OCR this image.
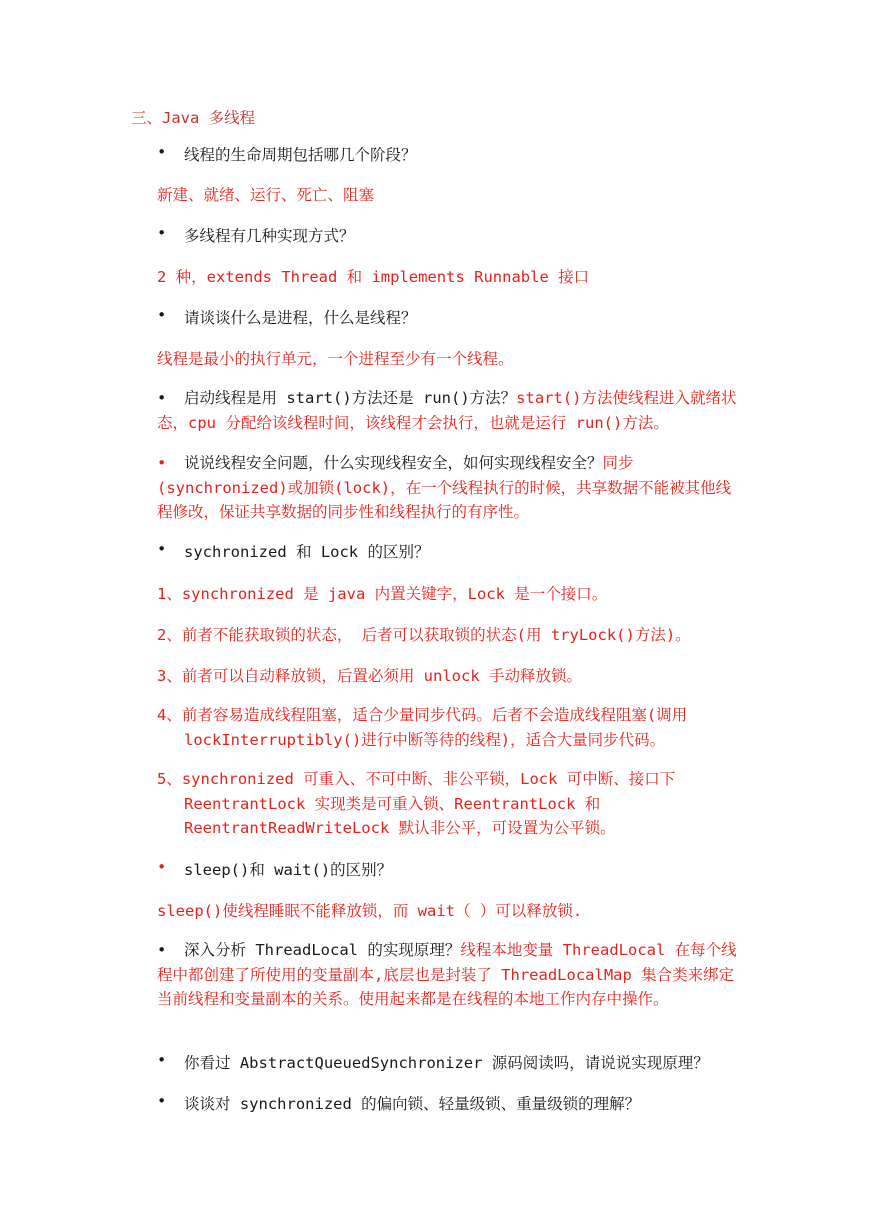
三、Java 多线程
• 线程的生命周期包括哪几个阶段？
新建、就绪、运行、死亡、阻塞
• 多线程有几种实现方式？
2 种，extends Thread 和 implements Runnable 接口
• 请谈谈什么是进程，什么是线程？
线程是最小的执行单元，一个进程至少有一个线程。
• 启动线程是用 start()方法还是 run()方法？start()方法使线程进入就绪状态，cpu 分配给该线程时间，该线程才会执行，也就是运行 run()方法。
• 说说线程安全问题，什么实现线程安全，如何实现线程安全？同步(synchronized)或加锁(lock)，在一个线程执行的时候，共享数据不能被其他线程修改，保证共享数据的同步性和线程执行的有序性。
• sychronized 和 Lock 的区别？
1、synchronized 是 java 内置关键字，Lock 是一个接口。
2、前者不能获取锁的状态， 后者可以获取锁的状态(用 tryLock()方法)。
3、前者可以自动释放锁，后置必须用 unlock 手动释放锁。
4、前者容易造成线程阻塞，适合少量同步代码。后者不会造成线程阻塞(调用 lockInterruptibly()进行中断等待的线程)，适合大量同步代码。
5、synchronized 可重入、不可中断、非公平锁，Lock 可中断、接口下 ReentrantLock 实现类是可重入锁、ReentrantLock 和 ReentrantReadWriteLock 默认非公平，可设置为公平锁。
• sleep()和 wait()的区别？
sleep()使线程睡眠不能释放锁，而 wait（ ）可以释放锁.
• 深入分析 ThreadLocal 的实现原理？线程本地变量 ThreadLocal 在每个线程中都创建了所使用的变量副本,底层也是封装了 ThreadLocalMap 集合类来绑定当前线程和变量副本的关系。使用起来都是在线程的本地工作内存中操作。
• 你看过 AbstractQueuedSynchronizer 源码阅读吗，请说说实现原理？
• 谈谈对 synchronized 的偏向锁、轻量级锁、重量级锁的理解？
